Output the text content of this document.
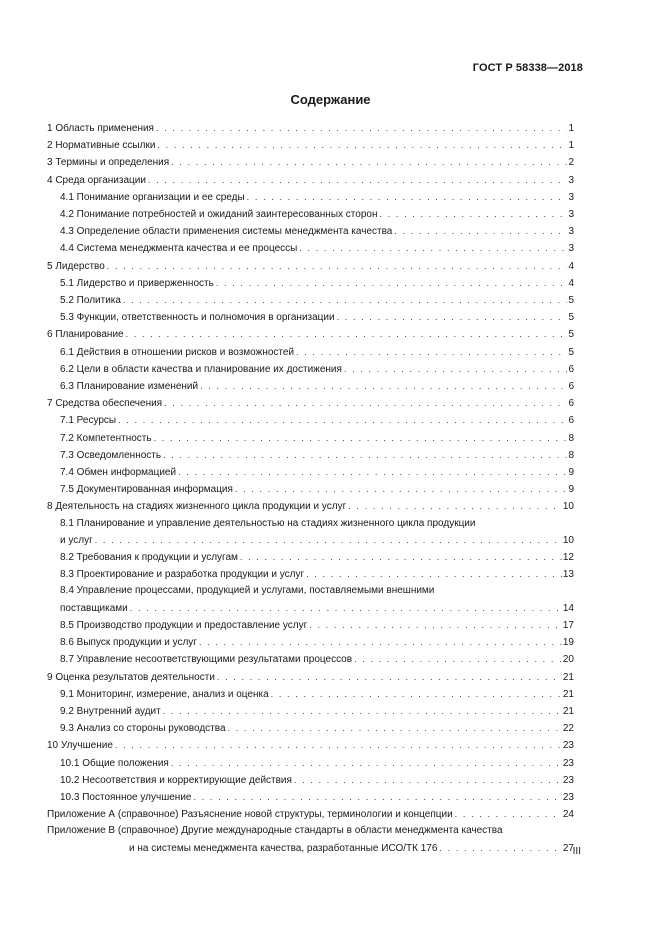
ГОСТ Р 58338—2018
Содержание
1 Область применения . . .	1
2 Нормативные ссылки . . .	1
3 Термины и определения . . .	2
4 Среда организации . . .	3
4.1 Понимание организации и ее среды . . .	3
4.2 Понимание потребностей и ожиданий заинтересованных сторон . . .	3
4.3 Определение области применения системы менеджмента качества . . .	3
4.4 Система менеджмента качества и ее процессы . . .	3
5 Лидерство . . .	4
5.1 Лидерство и приверженность . . .	4
5.2 Политика . . .	5
5.3 Функции, ответственность и полномочия в организации . . .	5
6 Планирование . . .	5
6.1 Действия в отношении рисков и возможностей . . .	5
6.2 Цели в области качества и планирование их достижения . . .	6
6.3 Планирование изменений . . .	6
7 Средства обеспечения . . .	6
7.1 Ресурсы . . .	6
7.2 Компетентность . . .	8
7.3 Осведомленность . . .	8
7.4 Обмен информацией . . .	9
7.5 Документированная информация . . .	9
8 Деятельность на стадиях жизненного цикла продукции и услуг . . .	10
8.1 Планирование и управление деятельностью на стадиях жизненного цикла продукции
и услуг . . .	10
8.2 Требования к продукции и услугам . . .	12
8.3 Проектирование и разработка продукции и услуг . . .	13
8.4 Управление процессами, продукцией и услугами, поставляемыми внешними
поставщиками . . .	14
8.5 Производство продукции и предоставление услуг . . .	17
8.6 Выпуск продукции и услуг . . .	19
8.7 Управление несоответствующими результатами процессов . . .	20
9 Оценка результатов деятельности . . .	21
9.1 Мониторинг, измерение, анализ и оценка . . .	21
9.2 Внутренний аудит . . .	21
9.3 Анализ со стороны руководства . . .	22
10 Улучшение . . .	23
10.1 Общие положения . . .	23
10.2 Несоответствия и корректирующие действия . . .	23
10.3 Постоянное улучшение . . .	23
Приложение А (справочное) Разъяснение новой структуры, терминологии и концепции . . .	24
Приложение В (справочное) Другие международные стандарты в области менеджмента качества
и на системы менеджмента качества, разработанные ИСО/ТК 176 . . .	27
III
